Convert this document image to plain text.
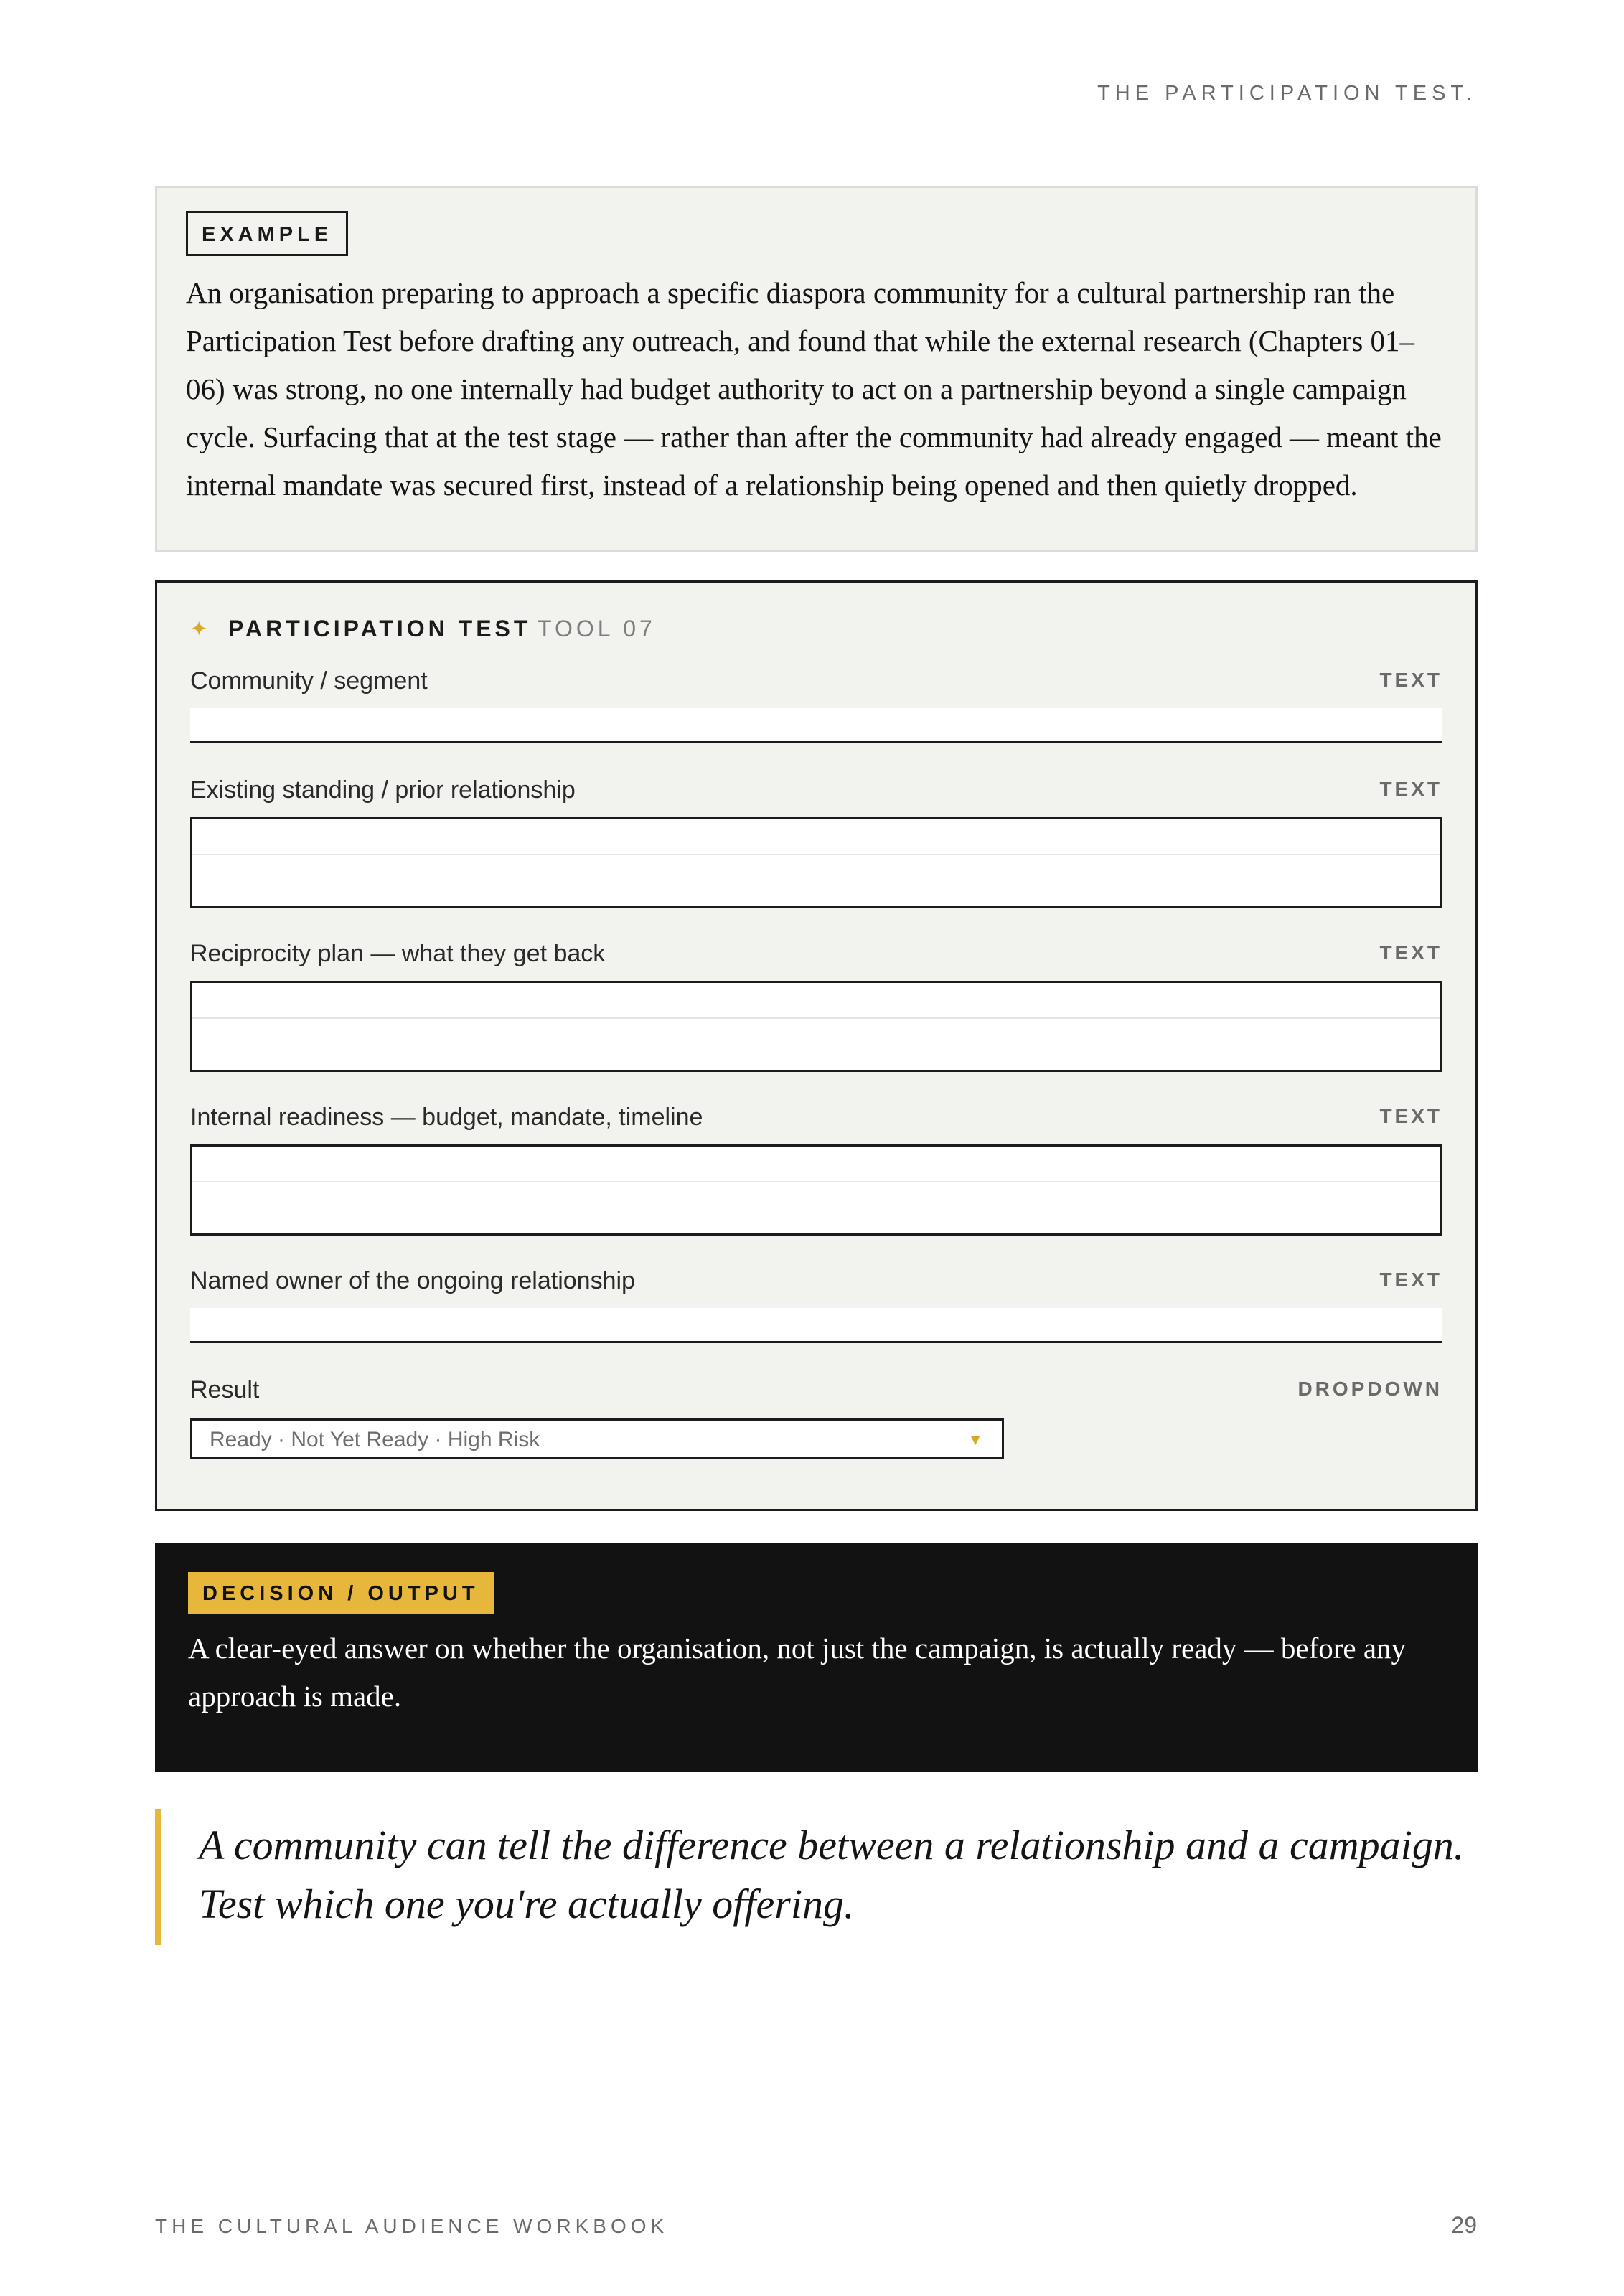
THE PARTICIPATION TEST.
EXAMPLE

An organisation preparing to approach a specific diaspora community for a cultural partnership ran the Participation Test before drafting any outreach, and found that while the external research (Chapters 01–06) was strong, no one internally had budget authority to act on a partnership beyond a single campaign cycle. Surfacing that at the test stage — rather than after the community had already engaged — meant the internal mandate was secured first, instead of a relationship being opened and then quietly dropped.

✦ PARTICIPATION TEST TOOL 07
Community / segment	TEXT
Existing standing / prior relationship	TEXT
Reciprocity plan — what they get back	TEXT
Internal readiness — budget, mandate, timeline	TEXT
Named owner of the ongoing relationship	TEXT
Result	DROPDOWN
Ready · Not Yet Ready · High Risk	▼
DECISION / OUTPUT

A clear-eyed answer on whether the organisation, not just the campaign, is actually ready — before any approach is made.

A community can tell the difference between a relationship and a campaign.

Test which one you're actually offering.

THE CULTURAL AUDIENCE WORKBOOK	29
